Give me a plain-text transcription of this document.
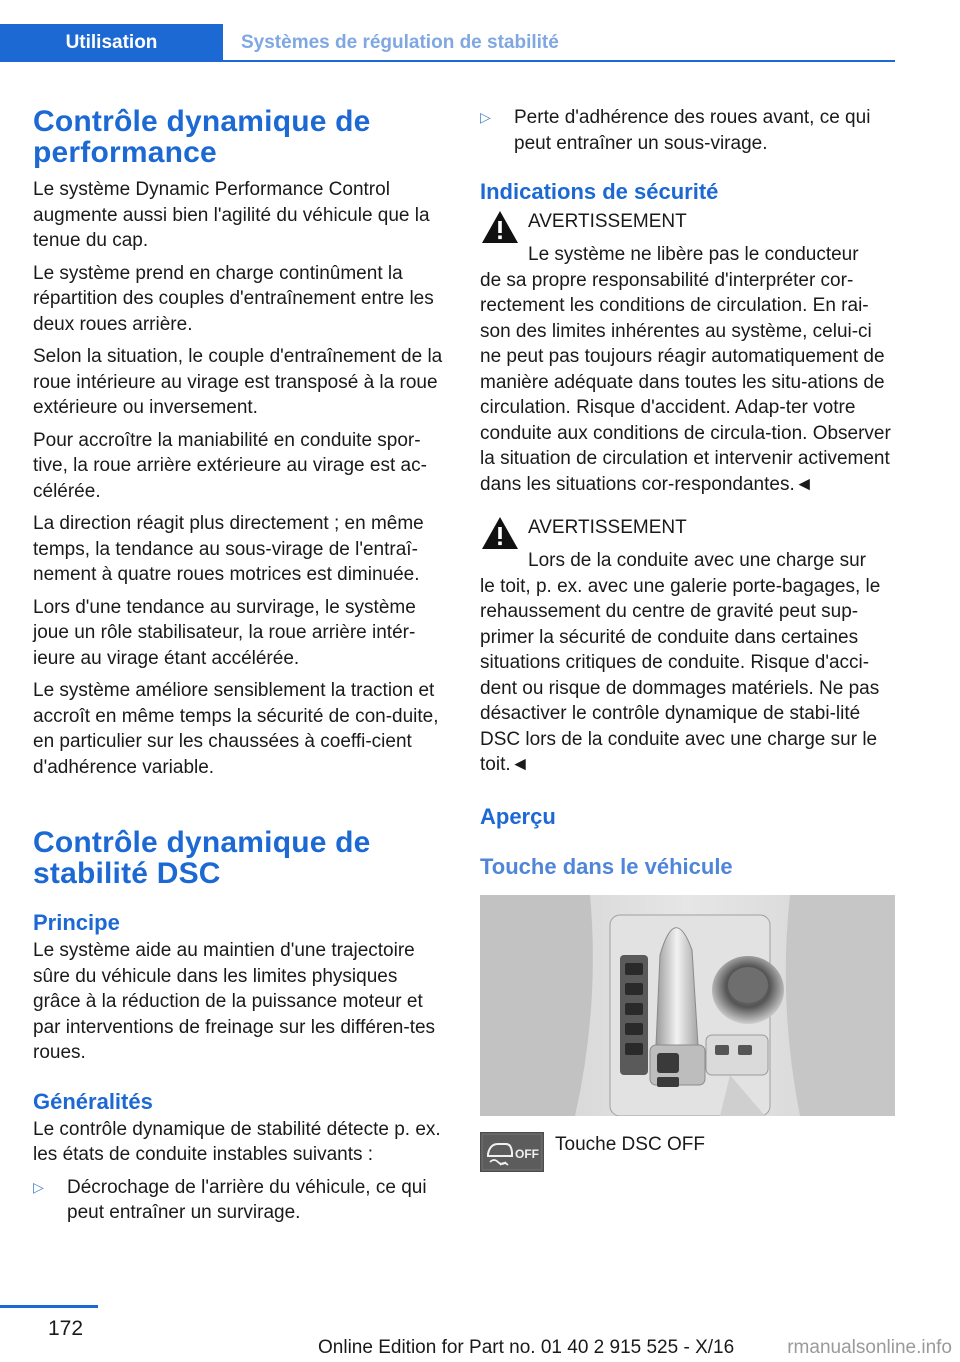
Utilisation	Systèmes de régulation de stabilité
Contrôle dynamique de performance

Le système Dynamic Performance Control augmente aussi bien l'agilité du véhicule que la tenue du cap.

Le système prend en charge continûment la répartition des couples d'entraînement entre les deux roues arrière.

Selon la situation, le couple d'entraînement de la roue intérieure au virage est transposé à la roue extérieure ou inversement.

Pour accroître la maniabilité en conduite spor-tive, la roue arrière extérieure au virage est ac-célérée.

La direction réagit plus directement ; en même temps, la tendance au sous-virage de l'entraî-nement à quatre roues motrices est diminuée.

Lors d'une tendance au survirage, le système joue un rôle stabilisateur, la roue arrière intér-ieure au virage étant accélérée.

Le système améliore sensiblement la traction et accroît en même temps la sécurité de con-duite, en particulier sur les chaussées à coeffi-cient d'adhérence variable.

Contrôle dynamique de stabilité DSC
Principe

Le système aide au maintien d'une trajectoire sûre du véhicule dans les limites physiques grâce à la réduction de la puissance moteur et par interventions de freinage sur les différen-tes roues.

Généralités

Le contrôle dynamique de stabilité détecte p. ex. les états de conduite instables suivants :

▷	Décrochage de l'arrière du véhicule, ce qui peut entraîner un survirage.
▷	Perte d'adhérence des roues avant, ce qui peut entraîner un sous-virage.
Indications de sécurité
AVERTISSEMENT
Le système ne libère pas le conducteur

de sa propre responsabilité d'interpréter cor-rectement les conditions de circulation. En rai-son des limites inhérentes au système, celui-ci ne peut pas toujours réagir automatiquement de manière adéquate dans toutes les situ-ations de circulation. Risque d'accident. Adap-ter votre conduite aux conditions de circula-tion. Observer la situation de circulation et intervenir activement dans les situations cor-respondantes.◄

AVERTISSEMENT
Lors de la conduite avec une charge sur

le toit, p. ex. avec une galerie porte-bagages, le rehaussement du centre de gravité peut sup-primer la sécurité de conduite dans certaines situations critiques de conduite. Risque d'acci-dent ou risque de dommages matériels. Ne pas désactiver le contrôle dynamique de stabi-lité DSC lors de la conduite avec une charge sur le toit.◄

Aperçu
Touche dans le véhicule
OFF Touche DSC OFF
172
Online Edition for Part no. 01 40 2 915 525 - X/16	rmanualsonline.info
